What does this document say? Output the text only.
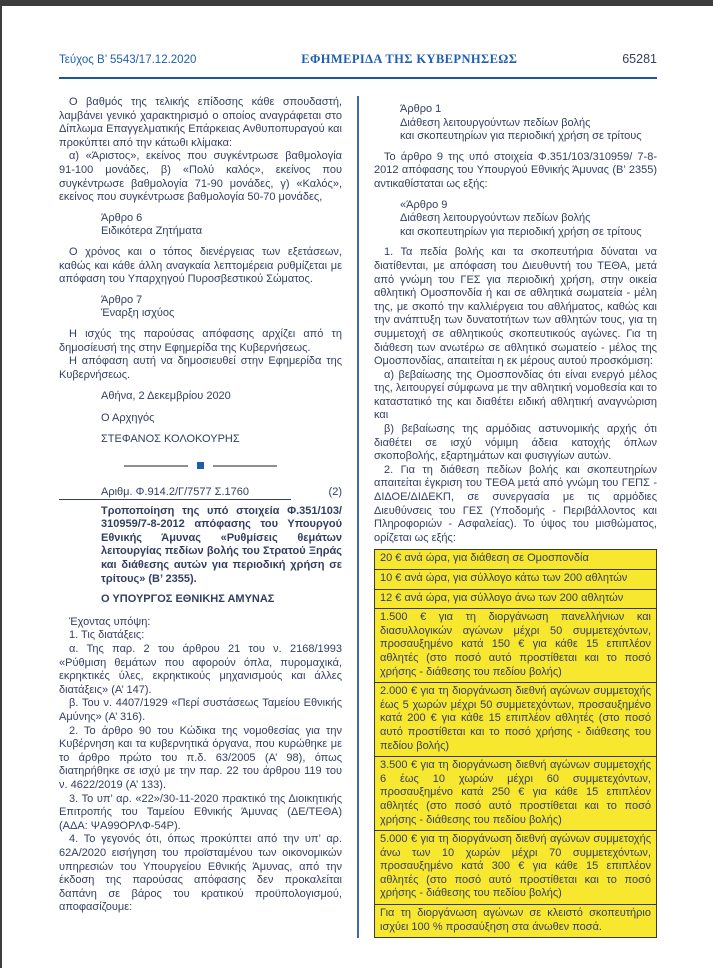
Τεύχος Β’ 5543/17.12.2020	ΕΦΗΜΕΡΙΔΑ ΤΗΣ ΚΥΒΕΡΝΗΣΕΩΣ	65281

Ο βαθμός της τελικής επίδοσης κάθε σπουδαστή, λαμβάνει γενικό χαρακτηρισμό ο οποίος αναγράφεται στο Δίπλωμα Επαγγελματικής Επάρκειας Ανθυποπυραγού και προκύπτει από την κάτωθι κλίμακα:

α) «Άριστος», εκείνος που συγκέντρωσε βαθμολογία 91-100 μονάδες, β) «Πολύ καλός», εκείνος που συγκέντρωσε βαθμολογία 71-90 μονάδες, γ) «Καλός», εκείνος που συγκέντρωσε βαθμολογία 50-70 μονάδες,

Άρθρο 6
Ειδικότερα Ζητήματα

Ο χρόνος και ο τόπος διενέργειας των εξετάσεων, καθώς και κάθε άλλη αναγκαία λεπτομέρεια ρυθμίζεται με απόφαση του Υπαρχηγού Πυροσβεστικού Σώματος.

Άρθρο 7
Έναρξη ισχύος

Η ισχύς της παρούσας απόφασης αρχίζει από τη δημοσίευσή της στην Εφημερίδα της Κυβερνήσεως.

Η απόφαση αυτή να δημοσιευθεί στην Εφημερίδα της Κυβερνήσεως.

Αθήνα, 2 Δεκεμβρίου 2020
Ο Αρχηγός
ΣΤΕΦΑΝΟΣ ΚΟΛΟΚΟΥΡΗΣ
Αριθμ. Φ.914.2/Γ/7577 Σ.1760	(2)

Τροποποίηση της υπό στοιχεία Φ.351/103/ 310959/7-8-2012 απόφασης του Υπουργού Εθνικής Άμυνας «Ρυθμίσεις θεμάτων λειτουργίας πεδίων βολής του Στρατού Ξηράς και διάθεσης αυτών για περιοδική χρήση σε τρίτους» (Β’ 2355).

Ο ΥΠΟΥΡΓΟΣ ΕΘΝΙΚΗΣ ΑΜΥΝΑΣ

Έχοντας υπόψη:

1. Τις διατάξεις:

α. Της παρ. 2 του άρθρου 21 του ν. 2168/1993 «Ρύθμιση θεμάτων που αφορούν όπλα, πυρομαχικά, εκρηκτικές ύλες, εκρηκτικούς μηχανισμούς και άλλες διατάξεις» (Α’ 147).

β. Του ν. 4407/1929 «Περί συστάσεως Ταμείου Εθνικής Αμύνης» (Α’ 316).

2. Το άρθρο 90 του Κώδικα της νομοθεσίας για την Κυβέρνηση και τα κυβερνητικά όργανα, που κυρώθηκε με το άρθρο πρώτο του π.δ. 63/2005 (Α’ 98), όπως διατηρήθηκε σε ισχύ με την παρ. 22 του άρθρου 119 του ν. 4622/2019 (Α’ 133).

3. Το υπ’ αρ. «22»/30-11-2020 πρακτικό της Διοικητικής Επιτροπής του Ταμείου Εθνικής Άμυνας (ΔΕ/ΤΕΘΑ) (ΑΔΑ: ΨΑ99ΟΡΛΦ-54Ρ).

4. Το γεγονός ότι, όπως προκύπτει από την υπ’ αρ. 62Α/2020 εισήγηση του προϊσταμένου των οικονομικών υπηρεσιών του Υπουργείου Εθνικής Άμυνας, από την έκδοση της παρούσας απόφασης δεν προκαλείται δαπάνη σε βάρος του κρατικού προϋπολογισμού, αποφασίζουμε:

Άρθρο 1
Διάθεση λειτουργούντων πεδίων βολής
και σκοπευτηρίων για περιοδική χρήση σε τρίτους

Το άρθρο 9 της υπό στοιχεία Φ.351/103/310959/ 7-8-2012 απόφασης του Υπουργού Εθνικής Άμυνας (Β’ 2355) αντικαθίσταται ως εξής:

«Άρθρο 9
Διάθεση λειτουργούντων πεδίων βολής
και σκοπευτηρίων για περιοδική χρήση σε τρίτους

1. Τα πεδία βολής και τα σκοπευτήρια δύναται να διατίθενται, με απόφαση του Διευθυντή του ΤΕΘΑ, μετά από γνώμη του ΓΕΣ για περιοδική χρήση, στην οικεία αθλητική Ομοσπονδία ή και σε αθλητικά σωματεία - μέλη της, με σκοπό την καλλιέργεια του αθλήματος, καθώς και την ανάπτυξη των δυνατοτήτων των αθλητών τους, για τη συμμετοχή σε αθλητικούς σκοπευτικούς αγώνες. Για τη διάθεση των ανωτέρω σε αθλητικό σωματείο - μέλος της Ομοσπονδίας, απαιτείται η εκ μέρους αυτού προσκόμιση:

α) βεβαίωσης της Ομοσπονδίας ότι είναι ενεργό μέλος της, λειτουργεί σύμφωνα με την αθλητική νομοθεσία και το καταστατικό της και διαθέτει ειδική αθλητική αναγνώριση και

β) βεβαίωσης της αρμόδιας αστυνομικής αρχής ότι διαθέτει σε ισχύ νόμιμη άδεια κατοχής όπλων σκοποβολής, εξαρτημάτων και φυσιγγίων αυτών.

2. Για τη διάθεση πεδίων βολής και σκοπευτηρίων απαιτείται έγκριση του ΤΕΘΑ μετά από γνώμη του ΓΕΠΣ - ΔΙΔΟΕ/ΔΙΔΕΚΠ, σε συνεργασία με τις αρμόδιες Διευθύνσεις του ΓΕΣ (Υποδομής - Περιβάλλοντος και Πληροφοριών - Ασφαλείας). Το ύψος του μισθώματος, ορίζεται ως εξής:

20 € ανά ώρα, για διάθεση σε Ομοσπονδία
10 € ανά ώρα, για σύλλογο κάτω των 200 αθλητών
12 € ανά ώρα, για σύλλογο άνω των 200 αθλητών
1.500 € για τη διοργάνωση πανελλήνιων και διασυλλογικών αγώνων μέχρι 50 συμμετεχόντων, προσαυξημένο κατά 150 € για κάθε 15 επιπλέον αθλητές (στο ποσό αυτό προστίθεται και το ποσό χρήσης - διάθεσης του πεδίου βολής)
2.000 € για τη διοργάνωση διεθνή αγώνων συμμετοχής έως 5 χωρών μέχρι 50 συμμετεχόντων, προσαυξημένο κατά 200 € για κάθε 15 επιπλέον αθλητές (στο ποσό αυτό προστίθεται και το ποσό χρήσης - διάθεσης του πεδίου βολής)
3.500 € για τη διοργάνωση διεθνή αγώνων συμμετοχής 6 έως 10 χωρών μέχρι 60 συμμετεχόντων, προσαυξημένο κατά 250 € για κάθε 15 επιπλέον αθλητές (στο ποσό αυτό προστίθεται και το ποσό χρήσης - διάθεσης του πεδίου βολής)
5.000 € για τη διοργάνωση διεθνή αγώνων συμμετοχής άνω των 10 χωρών μέχρι 70 συμμετεχόντων, προσαυξημένο κατά 300 € για κάθε 15 επιπλέον αθλητές (στο ποσό αυτό προστίθεται και το ποσό χρήσης - διάθεσης του πεδίου βολής)
Για τη διοργάνωση αγώνων σε κλειστό σκοπευτήριο ισχύει 100 % προσαύξηση στα άνωθεν ποσά.
